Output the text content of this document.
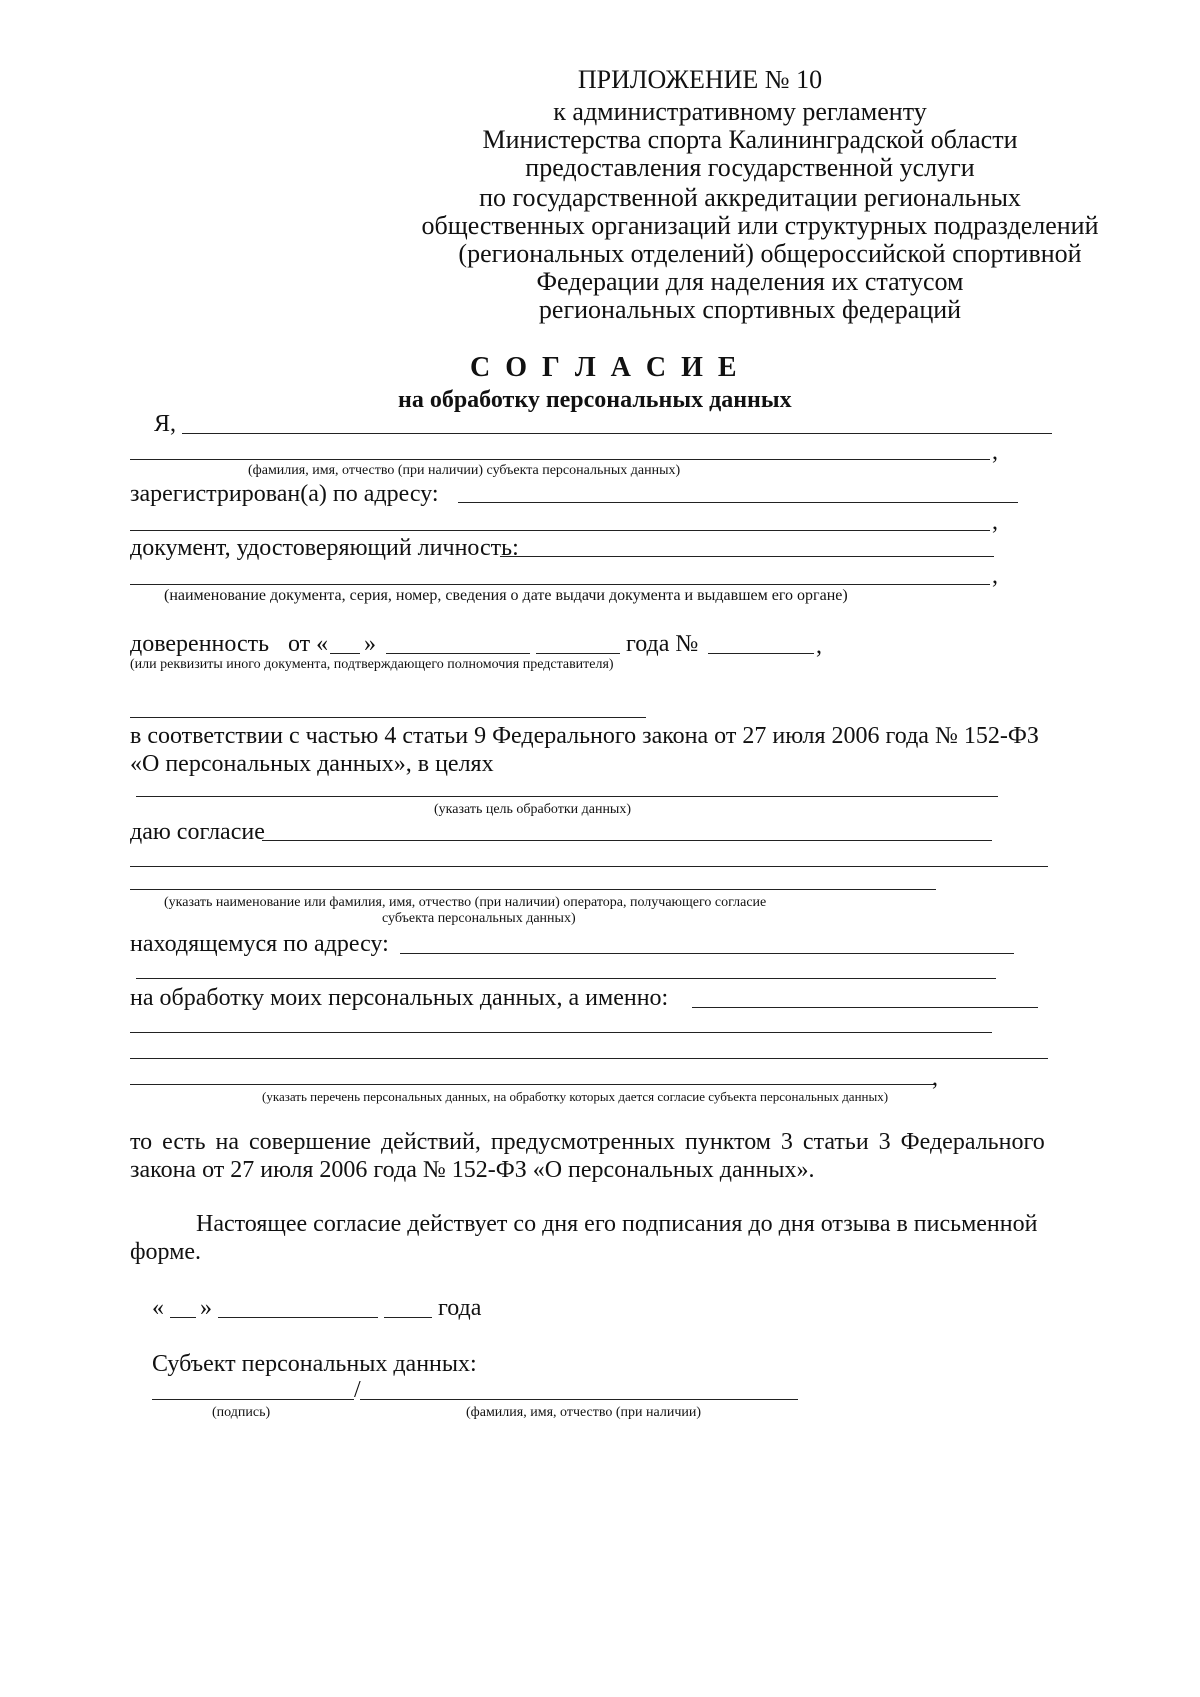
ПРИЛОЖЕНИЕ № 10
к административному регламенту
Министерства спорта Калининградской области
предоставления государственной услуги
по государственной аккредитации региональных
общественных организаций или структурных подразделений
(региональных отделений) общероссийской спортивной
Федерации для наделения их статусом
региональных спортивных федераций
С О Г Л А С И Е
на обработку персональных данных
Я,
,
(фамилия, имя, отчество (при наличии) субъекта персональных данных)
зарегистрирован(а) по адресу:
,
документ, удостоверяющий личность:
,
(наименование документа, серия, номер, сведения о дате выдачи документа и выдавшем его органе)
доверенность от « »	года №	,
(или реквизиты иного документа, подтверждающего полномочия представителя)
в соответствии с частью 4 статьи 9 Федерального закона от 27 июля 2006 года № 152-ФЗ
«О персональных данных», в целях
(указать цель обработки данных)
даю согласие
(указать наименование или фамилия, имя, отчество (при наличии) оператора, получающего согласие
субъекта персональных данных)
находящемуся по адресу:
на обработку моих персональных данных, а именно:
,
(указать перечень персональных данных, на обработку которых дается согласие субъекта персональных данных)
то есть на совершение действий, предусмотренных пунктом 3 статьи 3 Федерального
закона от 27 июля 2006 года № 152-ФЗ «О персональных данных».
Настоящее согласие действует со дня его подписания до дня отзыва в письменной
форме.
« »	года
Субъект персональных данных:
/
(подпись)	(фамилия, имя, отчество (при наличии)
